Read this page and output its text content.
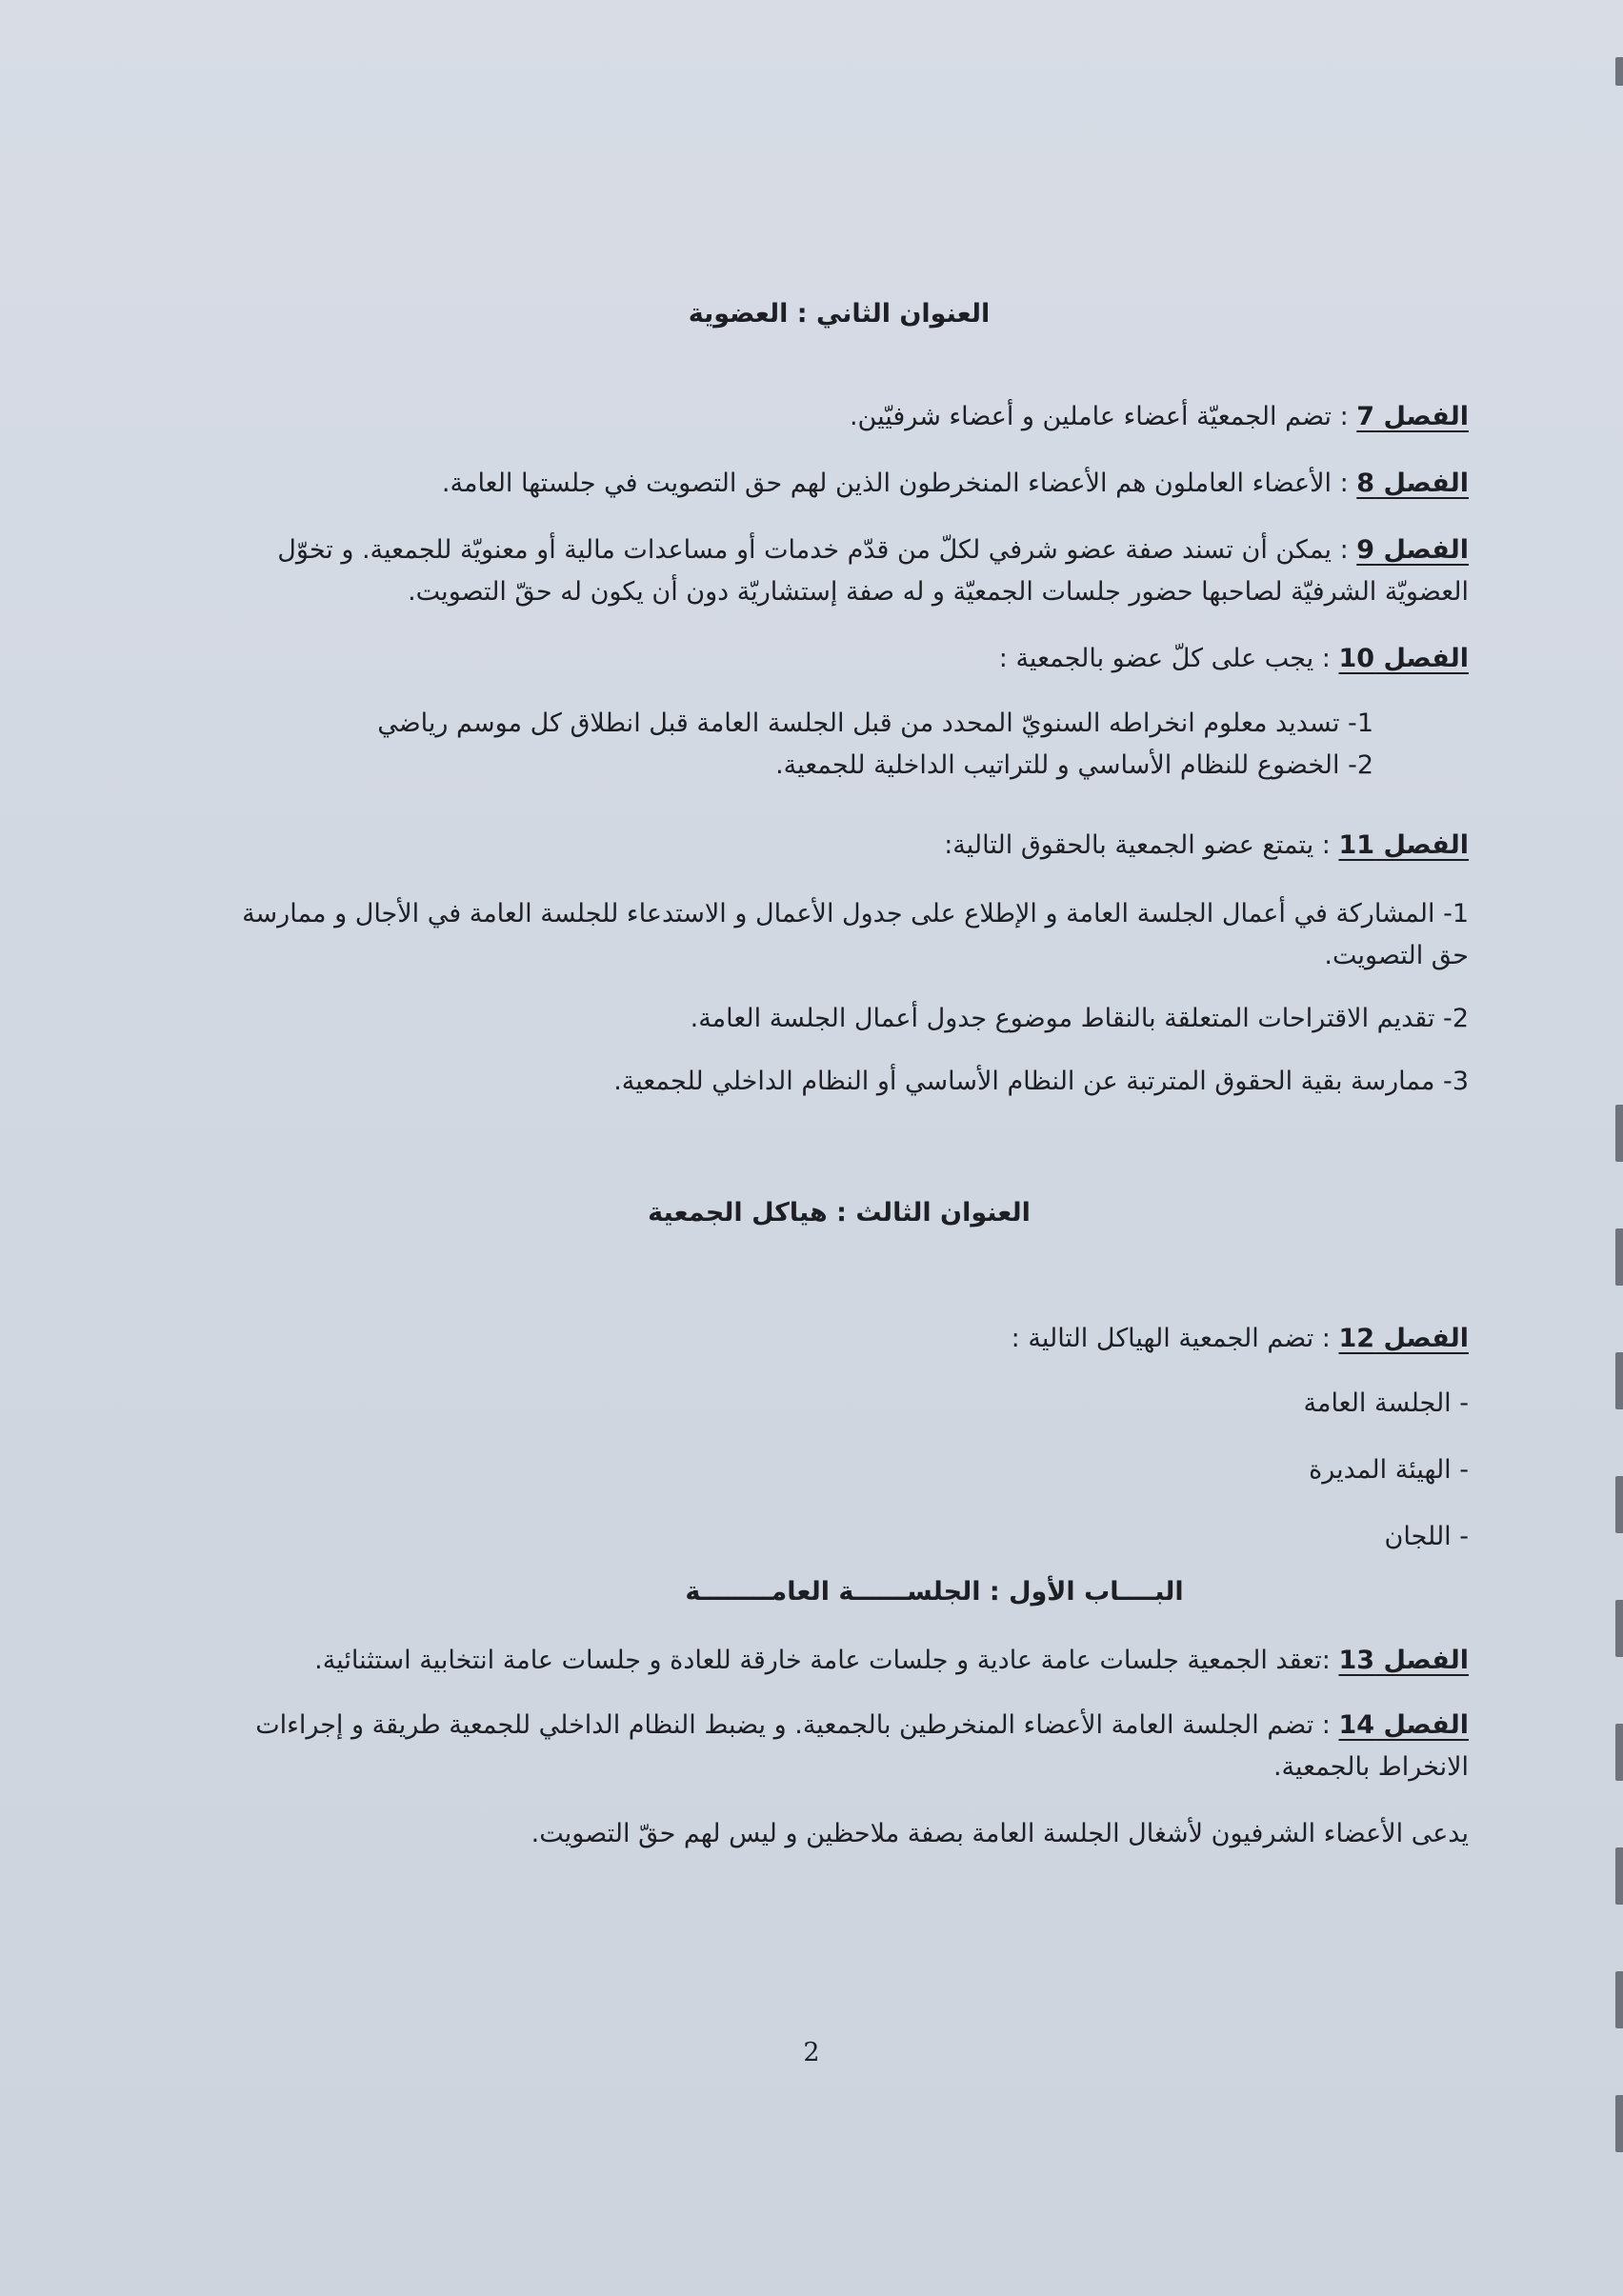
العنوان الثاني : العضوية

الفصل 7 : تضم الجمعيّة أعضاء عاملين و أعضاء شرفيّين.

الفصل 8 : الأعضاء العاملون هم الأعضاء المنخرطون الذين لهم حق التصويت في جلستها العامة.

الفصل 9 : يمكن أن تسند صفة عضو شرفي لكلّ من قدّم خدمات أو مساعدات مالية أو معنويّة للجمعية. و تخوّل العضويّة الشرفيّة لصاحبها حضور جلسات الجمعيّة و له صفة إستشاريّة دون أن يكون له حقّ التصويت.

الفصل 10 : يجب على كلّ عضو بالجمعية :

1- تسديد معلوم انخراطه السنويّ المحدد من قبل الجلسة العامة قبل انطلاق كل موسم رياضي
2- الخضوع للنظام الأساسي و للتراتيب الداخلية للجمعية.

الفصل 11 : يتمتع عضو الجمعية بالحقوق التالية:

1- المشاركة في أعمال الجلسة العامة و الإطلاع على جدول الأعمال و الاستدعاء للجلسة العامة في الأجال و ممارسة حق التصويت.

2- تقديم الاقتراحات المتعلقة بالنقاط موضوع جدول أعمال الجلسة العامة.

3- ممارسة بقية الحقوق المترتبة عن النظام الأساسي أو النظام الداخلي للجمعية.

العنوان الثالث : هياكل الجمعية

الفصل 12 : تضم الجمعية الهياكل التالية :

- الجلسة العامة

- الهيئة المديرة

- اللجان

البــــاب الأول : الجلســــــة العامــــــــة

الفصل 13 :تعقد الجمعية جلسات عامة عادية و جلسات عامة خارقة للعادة و جلسات عامة انتخابية استثنائية.

الفصل 14 : تضم الجلسة العامة الأعضاء المنخرطين بالجمعية. و يضبط النظام الداخلي للجمعية طريقة و إجراءات الانخراط بالجمعية.

يدعى الأعضاء الشرفيون لأشغال الجلسة العامة بصفة ملاحظين و ليس لهم حقّ التصويت.

2
